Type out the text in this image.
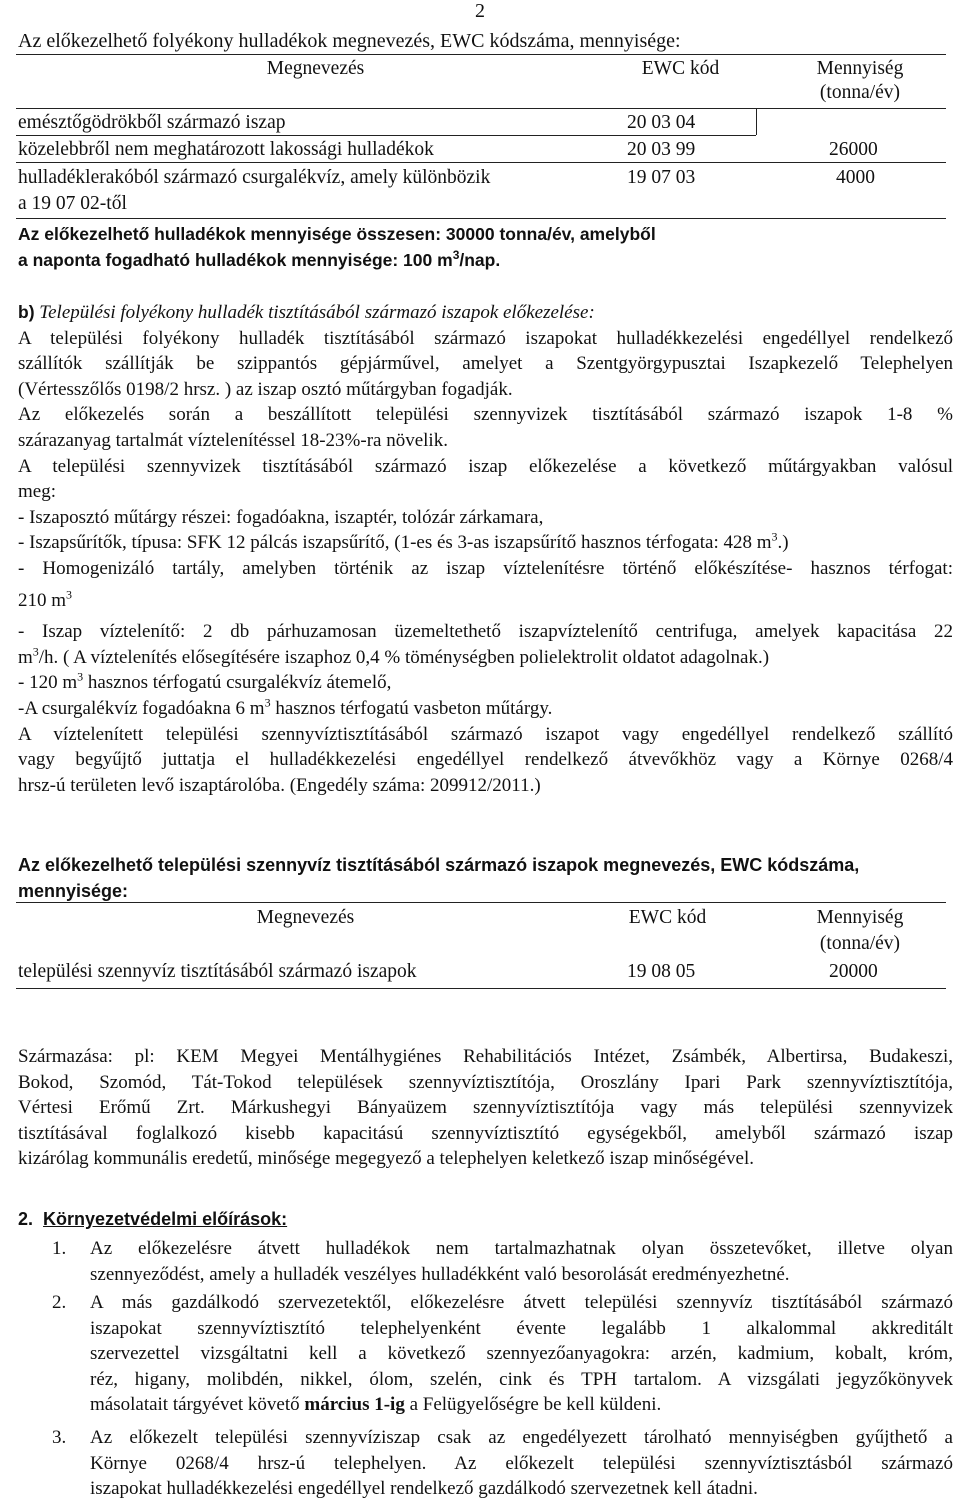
2
Az előkezelhető folyékony hulladékok megnevezés, EWC kódszáma, mennyisége:
Megnevezés	EWC kód	Mennyiség
(tonna/év)
emésztőgödrökből származó iszap	20 03 04
közelebbről nem meghatározott lakossági hulladékok	20 03 99	26000
hulladéklerakóból származó csurgalékvíz, amely különbözik
a 19 07 02-től
19 07 03	4000
Az előkezelhető hulladékok mennyisége összesen: 30000 tonna/év, amelyből
a naponta fogadható hulladékok mennyisége: 100 $m^3$/nap.

b) Települési folyékony hulladék tisztításából származó iszapok előkezelése:

A települési folyékony hulladék tisztításából származó iszapokat hulladékkezelési engedéllyel rendelkező

szállítók szállítják be szippantós gépjárművel, amelyet a Szentgyörgypusztai Iszapkezelő Telephelyen

(Vértesszőlős 0198/2 hrsz. ) az iszap osztó műtárgyban fogadják.

Az előkezelés során a beszállított települési szennyvizek tisztításából származó iszapok 1-8 %

szárazanyag tartalmát víztelenítéssel 18-23%-ra növelik.

A települési szennyvizek tisztításából származó iszap előkezelése a következő műtárgyakban valósul

meg:

- Iszaposztó műtárgy részei: fogadóakna, iszaptér, tolózár zárkamara,

- Iszapsűrítők, típusa: SFK 12 pálcás iszapsűrítő, (1-es és 3-as iszapsűrítő hasznos térfogata: 428 $m^3$.)

- Homogenizáló tartály, amelyben történik az iszap víztelenítésre történő előkészítése- hasznos térfogat:

210 $m^3$

- Iszap víztelenítő: 2 db párhuzamosan üzemeltethető iszapvíztelenítő centrifuga, amelyek kapacitása 22

$m^3/h$. ( A víztelenítés elősegítésére iszaphoz 0,4 % töménységben polielektrolit oldatot adagolnak.)

- 120 $m^3$ hasznos térfogatú csurgalékvíz átemelő,

-A csurgalékvíz fogadóakna 6 $m^3$ hasznos térfogatú vasbeton műtárgy.

A víztelenített települési szennyvíztisztításából származó iszapot vagy engedéllyel rendelkező szállító

vagy begyűjtő juttatja el hulladékkezelési engedéllyel rendelkező átvevőkhöz vagy a Környe 0268/4

hrsz-ú területen levő iszaptárolóba. (Engedély száma: 209912/2011.)

Az előkezelhető települési szennyvíz tisztításából származó iszapok megnevezés, EWC kódszáma,
mennyisége:
Megnevezés	EWC kód	Mennyiség
(tonna/év)
települési szennyvíz tisztításából származó iszapok	19 08 05	20000

Származása: pl: KEM Megyei Mentálhygiénes Rehabilitációs Intézet, Zsámbék, Albertirsa, Budakeszi,

Bokod, Szomód, Tát-Tokod települések szennyvíztisztítója, Oroszlány Ipari Park szennyvíztisztítója,

Vértesi Erőmű Zrt. Márkushegyi Bányaüzem szennyvíztisztítója vagy más települési szennyvizek

tisztításával foglalkozó kisebb kapacitású szennyvíztisztító egységekből, amelyből származó iszap

kizárólag kommunális eredetű, minősége megegyező a telephelyen keletkező iszap minőségével.

2. Környezetvédelmi előírások:
1.	Az előkezelésre átvett hulladékok nem tartalmazhatnak olyan összetevőket, illetve olyan
szennyeződést, amely a hulladék veszélyes hulladékként való besorolását eredményezhetné.
2.	A más gazdálkodó szervezetektől, előkezelésre átvett települési szennyvíz tisztításából származó
iszapokat szennyvíztisztító telephelyenként évente legalább 1 alkalommal akkreditált
szervezettel vizsgáltatni kell a következő szennyezőanyagokra: arzén, kadmium, kobalt, króm,
réz, higany, molibdén, nikkel, ólom, szelén, cink és TPH tartalom. A vizsgálati jegyzőkönyvek
másolatait tárgyévet követő március 1-ig a Felügyelőségre be kell küldeni.
3.	Az előkezelt települési szennyvíziszap csak az engedélyezett tárolható mennyiségben gyűjthető a
Környe 0268/4 hrsz-ú telephelyen. Az előkezelt települési szennyvíztisztásból származó
iszapokat hulladékkezelési engedéllyel rendelkező gazdálkodó szervezetnek kell átadni.
